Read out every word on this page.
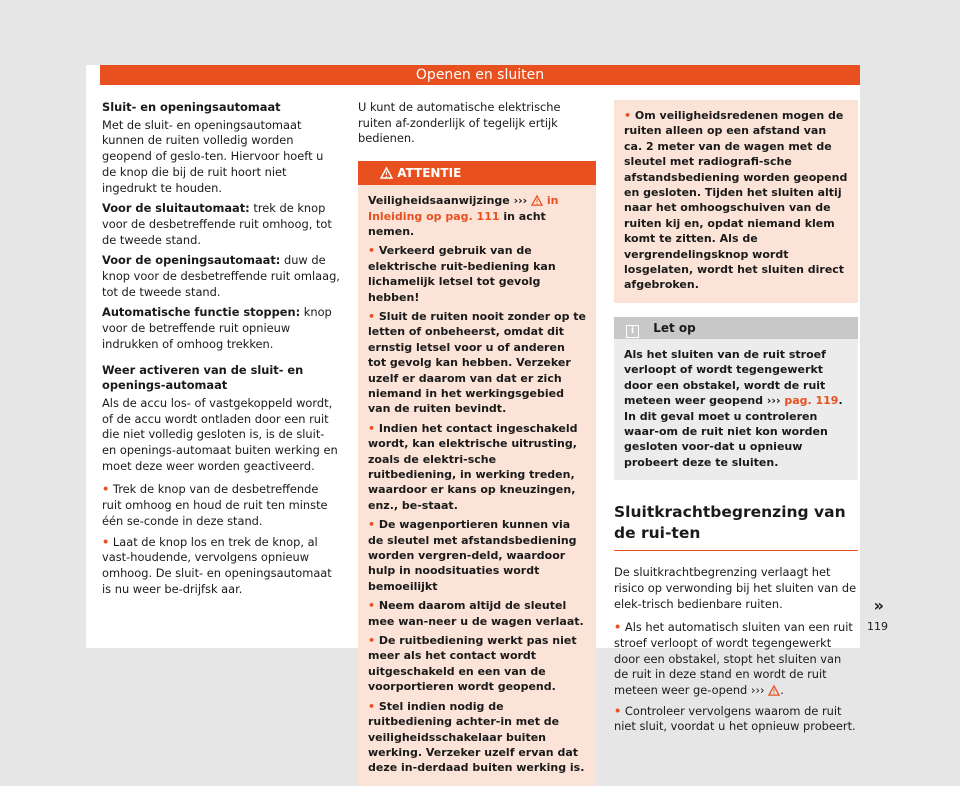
Openen en sluiten

Sluit- en openingsautomaat

Met de sluit- en openingsautomaat kunnen de ruiten volledig worden geopend of geslo-ten. Hiervoor hoeft u de knop die bij de ruit hoort niet ingedrukt te houden.

Voor de sluitautomaat: trek de knop voor de desbetreffende ruit omhoog, tot de tweede stand.

Voor de openingsautomaat: duw de knop voor de desbetreffende ruit omlaag, tot de tweede stand.

Automatische functie stoppen: knop voor de betreffende ruit opnieuw indrukken of omhoog trekken.

Weer activeren van de sluit- en openings-automaat

Als de accu los- of vastgekoppeld wordt, of de accu wordt ontladen door een ruit die niet volledig gesloten is, is de sluit- en openings-automaat buiten werking en moet deze weer worden geactiveerd.

• Trek de knop van de desbetreffende ruit omhoog en houd de ruit ten minste één se-conde in deze stand.

• Laat de knop los en trek de knop, al vast-houdende, vervolgens opnieuw omhoog. De sluit- en openingsautomaat is nu weer be-drijfsk aar.

U kunt de automatische elektrische ruiten af-zonderlijk of tegelijk ertijk bedienen.

ATTENTIE

Veiligheidsaanwijzinge ››› in Inleiding op pag. 111 in acht nemen.

• Verkeerd gebruik van de elektrische ruit-bediening kan lichamelijk letsel tot gevolg hebben!

• Sluit de ruiten nooit zonder op te letten of onbeheerst, omdat dit ernstig letsel voor u of anderen tot gevolg kan hebben. Verzeker uzelf er daarom van dat er zich niemand in het werkingsgebied van de ruiten bevindt.

• Indien het contact ingeschakeld wordt, kan elektrische uitrusting, zoals de elektri-sche ruitbediening, in werking treden, waardoor er kans op kneuzingen, enz., be-staat.

• De wagenportieren kunnen via de sleutel met afstandsbediening worden vergren-deld, waardoor hulp in noodsituaties wordt bemoeilijkt

• Neem daarom altijd de sleutel mee wan-neer u de wagen verlaat.

• De ruitbediening werkt pas niet meer als het contact wordt uitgeschakeld en een van de voorportieren wordt geopend.

• Stel indien nodig de ruitbediening achter-in met de veiligheidsschakelaar buiten werking. Verzeker uzelf ervan dat deze in-derdaad buiten werking is.

• Om veiligheidsredenen mogen de ruiten alleen op een afstand van ca. 2 meter van de wagen met de sleutel met radiografi-sche afstandsbediening worden geopend en gesloten. Tijden het sluiten altij naar het omhoogschuiven van de ruiten kij en, opdat niemand klem komt te zitten. Als de vergrendelingsknop wordt losgelaten, wordt het sluiten direct afgebroken.

i Let op
Als het sluiten van de ruit stroef verloopt of wordt tegengewerkt door een obstakel, wordt de ruit meteen weer geopend ››› pag. 119. In dit geval moet u controleren waar-om de ruit niet kon worden gesloten voor-dat u opnieuw probeert deze te sluiten.
Sluitkrachtbegrenzing van de rui-ten

De sluitkrachtbegrenzing verlaagt het risico op verwonding bij het sluiten van de elek-trisch bedienbare ruiten.

• Als het automatisch sluiten van een ruit stroef verloopt of wordt tegengewerkt door een obstakel, stopt het sluiten van de ruit in deze stand en wordt de ruit meteen weer ge-opend ››› .

• Controleer vervolgens waarom de ruit niet sluit, voordat u het opnieuw probeert.

»
119
